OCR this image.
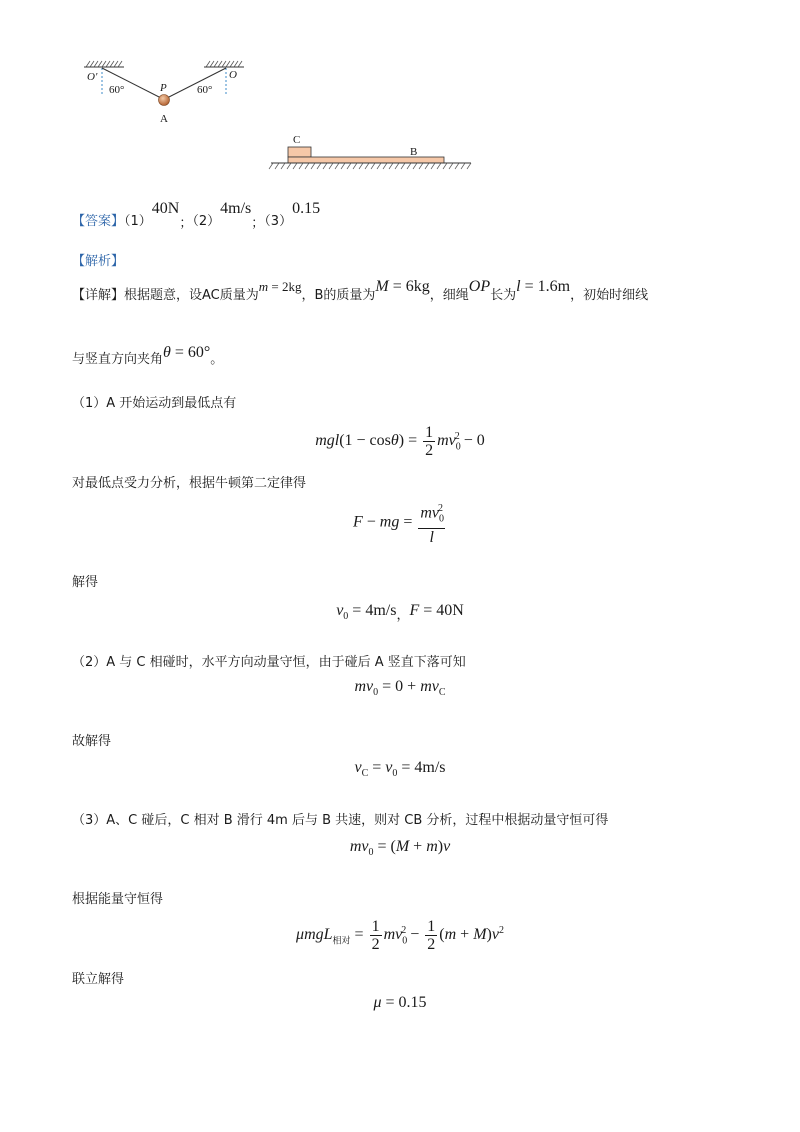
O'	O
P
A
60°	60°
C
B
$_{【答案】(1)}40N_{;(2)}4m/s_{;(3)}0.15$
【解析】
$_{【详解】根据题意,设AC质量为}m = 2kg_{,B的质量为}M = 6kg_{,细绳}OP_{长为}l = 1.6m_{,初始时细线}$
$_{与竖直方向夹角}\theta = 60^\circ_。$
（1）A 开始运动到最低点有
$mgl(1 - \cos\theta) = \frac{1}{2} mv_0^2 - 0$
对最低点受力分析，根据牛顿第二定律得
F − mg = $\frac{mv_0^2}{l}$
解得
$v_0 = 4m/s_,F = 40N$
（2）A 与 C 相碰时，水平方向动量守恒，由于碰后 A 竖直下落可知
$mv_0 = 0 + mv_C$
故解得
$v_C = v_0 = 4m/s$
（3）A、C 碰后，C 相对 B 滑行 4m 后与 B 共速，则对 CB 分析，过程中根据动量守恒可得
$mv_0 = (M + m)v$
根据能量守恒得
$\mu mgL_{相对} = \frac{1}{2} mv_0^2 - \frac{1}{2} (m + M)v^2$
联立解得
μ = 0.15
